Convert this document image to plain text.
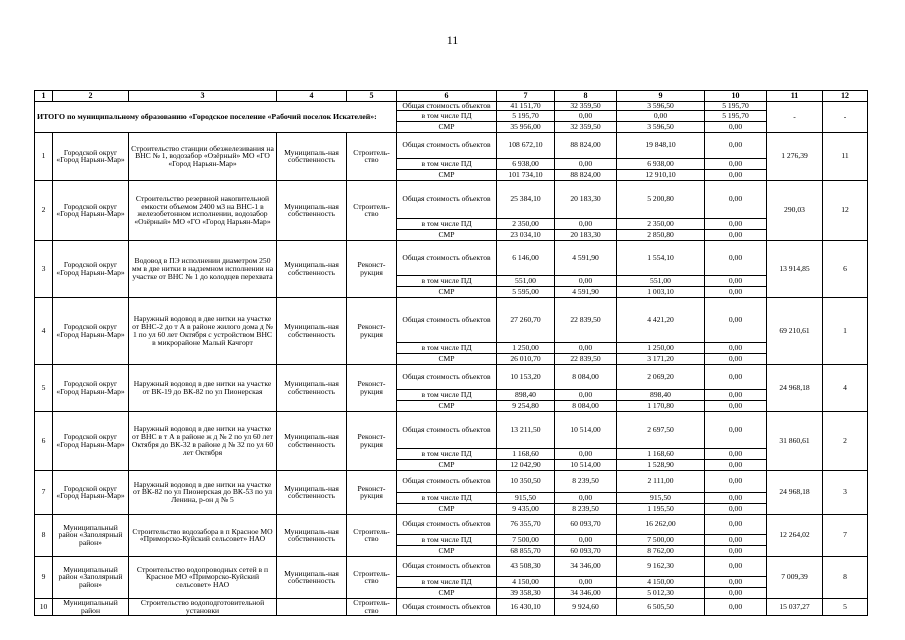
11
1	2	3	4	5	6	7	8	9	10	11	12
ИТОГО по муниципальному образованию «Городское поселение «Рабочий поселок Искателей»:					Общая стоимость объектов	41 151,70	32 359,50	3 596,50	5 195,70	-	-
					в том числе ПД	5 195,70	0,00	0,00	5 195,70		
					СМР	35 956,00	32 359,50	3 596,50	0,00		
1	Городской округ «Город Нарьян-Мар»	Строительство станции обезжелезивания на ВНС № 1, водозабор «Озёрный» МО «ГО «Город Нарьян-Мар»	Муниципаль-ная собственность	Строитель-ство	Общая стоимость объектов	108 672,10	88 824,00	19 848,10	0,00	1 276,39	11
					в том числе ПД	6 938,00	0,00	6 938,00	0,00		
					СМР	101 734,10	88 824,00	12 910,10	0,00		
2	Городской округ «Город Нарьян-Мар»	Строительство резервной накопительной емкости объемом 2400 м3 на ВНС-1 в железобетонном исполнении, водозабор «Озёрный» МО «ГО «Город Нарьян-Мар»	Муниципаль-ная собственность	Строитель-ство	Общая стоимость объектов	25 384,10	20 183,30	5 200,80	0,00	290,03	12
					в том числе ПД	2 350,00	0,00	2 350,00	0,00		
					СМР	23 034,10	20 183,30	2 850,80	0,00		
3	Городской округ «Город Нарьян-Мар»	Водовод в ПЭ исполнении диаметром 250 мм в две нитки в надземном исполнении на участке от ВНС № 1 до колодцев перехвата	Муниципаль-ная собственность	Реконст-рукция	Общая стоимость объектов	6 146,00	4 591,90	1 554,10	0,00	13 914,85	6
					в том числе ПД	551,00	0,00	551,00	0,00		
					СМР	5 595,00	4 591,90	1 003,10	0,00		
4	Городской округ «Город Нарьян-Мар»	Наружный водовод в две нитки на участке от ВНС-2 до т А в районе жилого дома д № 1 по ул 60 лет Октября с устройством ВНС в микрорайоне Малый Качгорт	Муниципаль-ная собственность	Реконст-рукция	Общая стоимость объектов	27 260,70	22 839,50	4 421,20	0,00	69 210,61	1
					в том числе ПД	1 250,00	0,00	1 250,00	0,00		
					СМР	26 010,70	22 839,50	3 171,20	0,00		
5	Городской округ «Город Нарьян-Мар»	Наружный водовод в две нитки на участке от ВК-19 до ВК-82 по ул Пионерская	Муниципаль-ная собственность	Реконст-рукция	Общая стоимость объектов	10 153,20	8 084,00	2 069,20	0,00	24 968,18	4
					в том числе ПД	898,40	0,00	898,40	0,00		
					СМР	9 254,80	8 084,00	1 170,80	0,00		
6	Городской округ «Город Нарьян-Мар»	Наружный водовод в две нитки на участке от ВНС в т А в районе ж д № 2 по ул 60 лет Октября до ВК-32 в районе д № 32 по ул 60 лет Октября	Муниципаль-ная собственность	Реконст-рукция	Общая стоимость объектов	13 211,50	10 514,00	2 697,50	0,00	31 860,61	2
					в том числе ПД	1 168,60	0,00	1 168,60	0,00		
					СМР	12 042,90	10 514,00	1 528,90	0,00		
7	Городской округ «Город Нарьян-Мар»	Наружный водовод в две нитки на участке от ВК-82 по ул Пионерская до ВК-53 по ул Ленина, р-он д № 5	Муниципаль-ная собственность	Реконст-рукция	Общая стоимость объектов	10 350,50	8 239,50	2 111,00	0,00	24 968,18	3
					в том числе ПД	915,50	0,00	915,50	0,00		
					СМР	9 435,00	8 239,50	1 195,50	0,00		
8	Муниципальный район «Заполярный район»	Строительство водозабора в п Красное МО «Приморско-Куйский сельсовет» НАО	Муниципаль-ная собственность	Строитель-ство	Общая стоимость объектов	76 355,70	60 093,70	16 262,00	0,00	12 264,02	7
					в том числе ПД	7 500,00	0,00	7 500,00	0,00		
					СМР	68 855,70	60 093,70	8 762,00	0,00		
9	Муниципальный район «Заполярный район»	Строительство водопроводных сетей в п Красное МО «Приморско-Куйский сельсовет» НАО	Муниципаль-ная собственность	Строитель-ство	Общая стоимость объектов	43 508,30	34 346,00	9 162,30	0,00	7 009,39	8
					в том числе ПД	4 150,00	0,00	4 150,00	0,00		
					СМР	39 358,30	34 346,00	5 012,30	0,00		
10	Муниципальный район	Строительство водоподготовительной установки		Строитель-ство	Общая стоимость объектов	16 430,10	9 924,60	6 505,50	0,00	15 037,27	5
